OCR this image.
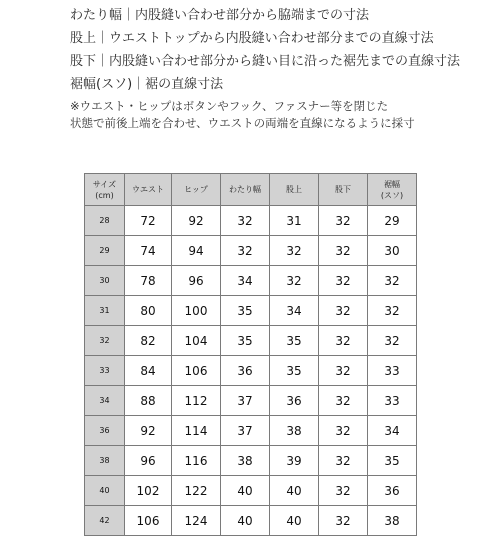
わたり幅｜内股縫い合わせ部分から脇端までの寸法
股上｜ウエストトップから内股縫い合わせ部分までの直線寸法
股下｜内股縫い合わせ部分から縫い目に沿った裾先までの直線寸法
裾幅(スソ)｜裾の直線寸法
※ウエスト・ヒップはボタンやフック、ファスナー等を閉じた
状態で前後上端を合わせ、ウエストの両端を直線になるように採寸
サイズ
(cm)	ウエスト	ヒップ	わたり幅	股上	股下	裾幅
(スソ)
28	72	92	32	31	32	29
29	74	94	32	32	32	30
30	78	96	34	32	32	32
31	80	100	35	34	32	32
32	82	104	35	35	32	32
33	84	106	36	35	32	33
34	88	112	37	36	32	33
36	92	114	37	38	32	34
38	96	116	38	39	32	35
40	102	122	40	40	32	36
42	106	124	40	40	32	38
